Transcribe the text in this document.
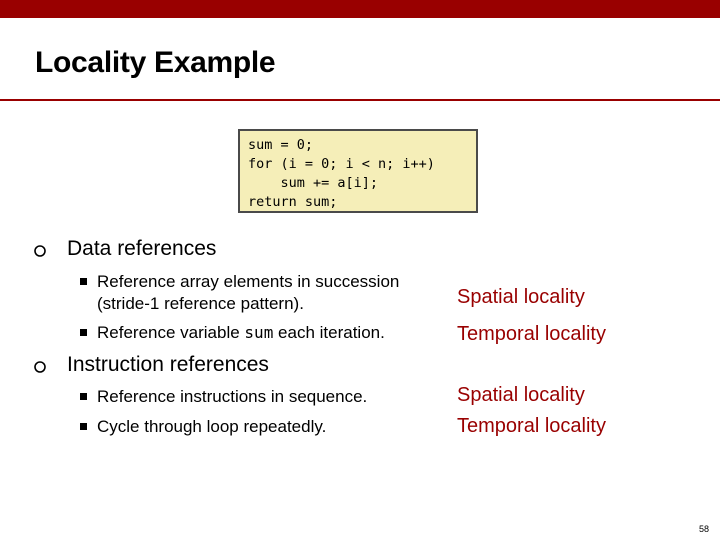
Locality Example
sum = 0;
for (i = 0; i < n; i++)
sum += a[i];
return sum;
Data references
Reference array elements in succession
(stride-1 reference pattern).
Reference variable sum each iteration.
Spatial locality
Temporal locality
Instruction references
Reference instructions in sequence.
Cycle through loop repeatedly.
Spatial locality
Temporal locality
58
